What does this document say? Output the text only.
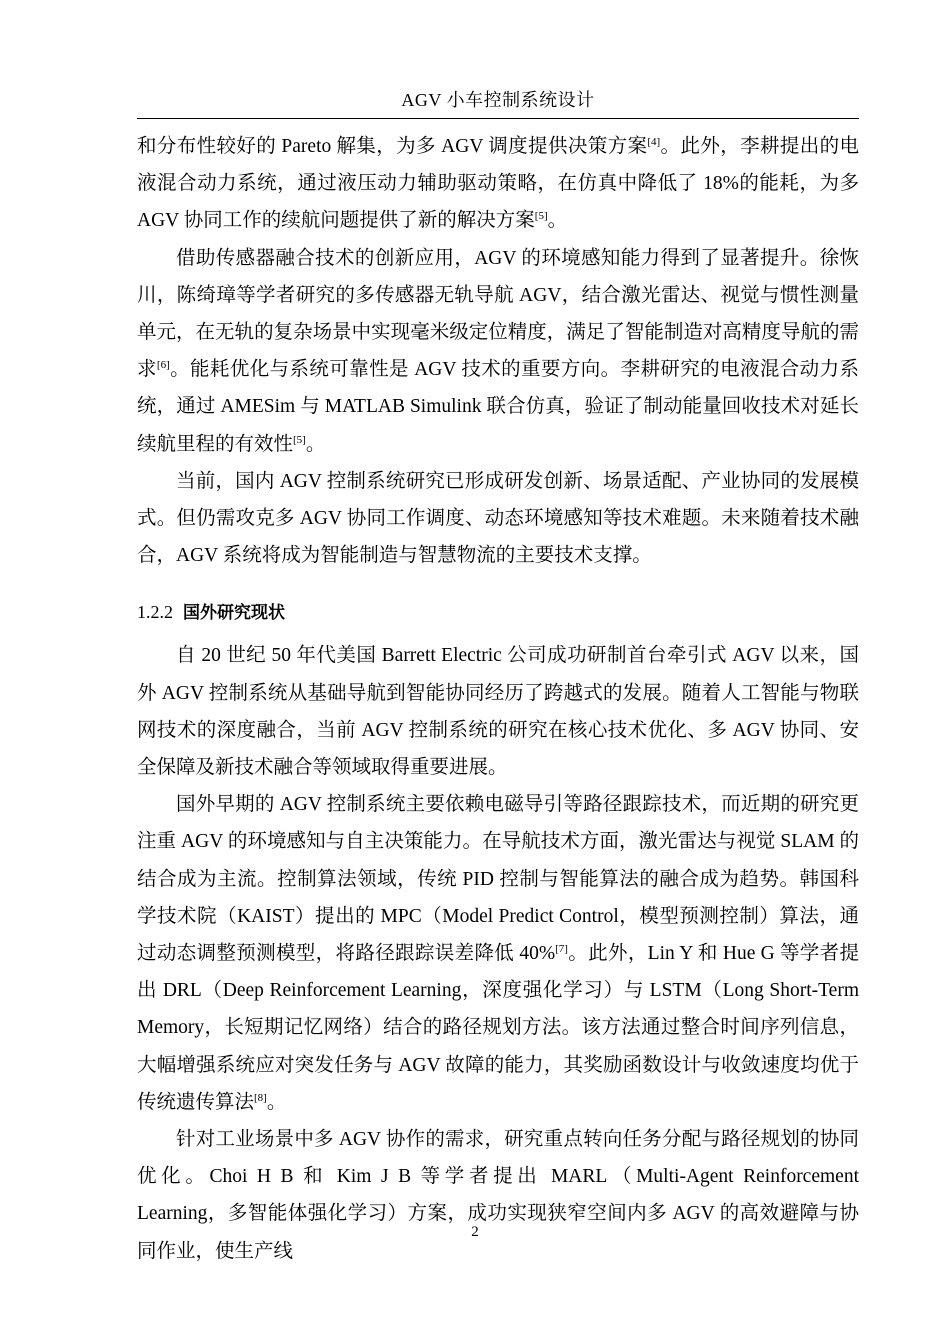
AGV 小车控制系统设计

和分布性较好的 Pareto 解集，为多 AGV 调度提供决策方案[4]。此外，李耕提出的电液混合动力系统，通过液压动力辅助驱动策略，在仿真中降低了 18%的能耗，为多 AGV 协同工作的续航问题提供了新的解决方案[5]。

借助传感器融合技术的创新应用，AGV 的环境感知能力得到了显著提升。徐恢川，陈绮璋等学者研究的多传感器无轨导航 AGV，结合激光雷达、视觉与惯性测量单元，在无轨的复杂场景中实现毫米级定位精度，满足了智能制造对高精度导航的需求[6]。能耗优化与系统可靠性是 AGV 技术的重要方向。李耕研究的电液混合动力系统，通过 AMESim 与 MATLAB Simulink 联合仿真，验证了制动能量回收技术对延长续航里程的有效性[5]。

当前，国内 AGV 控制系统研究已形成研发创新、场景适配、产业协同的发展模式。但仍需攻克多 AGV 协同工作调度、动态环境感知等技术难题。未来随着技术融合，AGV 系统将成为智能制造与智慧物流的主要技术支撑。

1.2.2 国外研究现状

自 20 世纪 50 年代美国 Barrett Electric 公司成功研制首台牵引式 AGV 以来，国外 AGV 控制系统从基础导航到智能协同经历了跨越式的发展。随着人工智能与物联网技术的深度融合，当前 AGV 控制系统的研究在核心技术优化、多 AGV 协同、安全保障及新技术融合等领域取得重要进展。

国外早期的 AGV 控制系统主要依赖电磁导引等路径跟踪技术，而近期的研究更注重 AGV 的环境感知与自主决策能力。在导航技术方面，激光雷达与视觉 SLAM 的结合成为主流。控制算法领域，传统 PID 控制与智能算法的融合成为趋势。韩国科学技术院（KAIST）提出的 MPC（Model Predict Control，模型预测控制）算法，通过动态调整预测模型，将路径跟踪误差降低 40%[7]。此外，Lin Y 和 Hue G 等学者提出 DRL（Deep Reinforcement Learning，深度强化学习）与 LSTM（Long Short-Term Memory，长短期记忆网络）结合的路径规划方法。该方法通过整合时间序列信息，大幅增强系统应对突发任务与 AGV 故障的能力，其奖励函数设计与收敛速度均优于传统遗传算法[8]。

针对工业场景中多 AGV 协作的需求，研究重点转向任务分配与路径规划的协同优化。Choi H B 和 Kim J B 等学者提出 MARL（Multi-Agent Reinforcement Learning，多智能体强化学习）方案，成功实现狭窄空间内多 AGV 的高效避障与协同作业，使生产线

2
